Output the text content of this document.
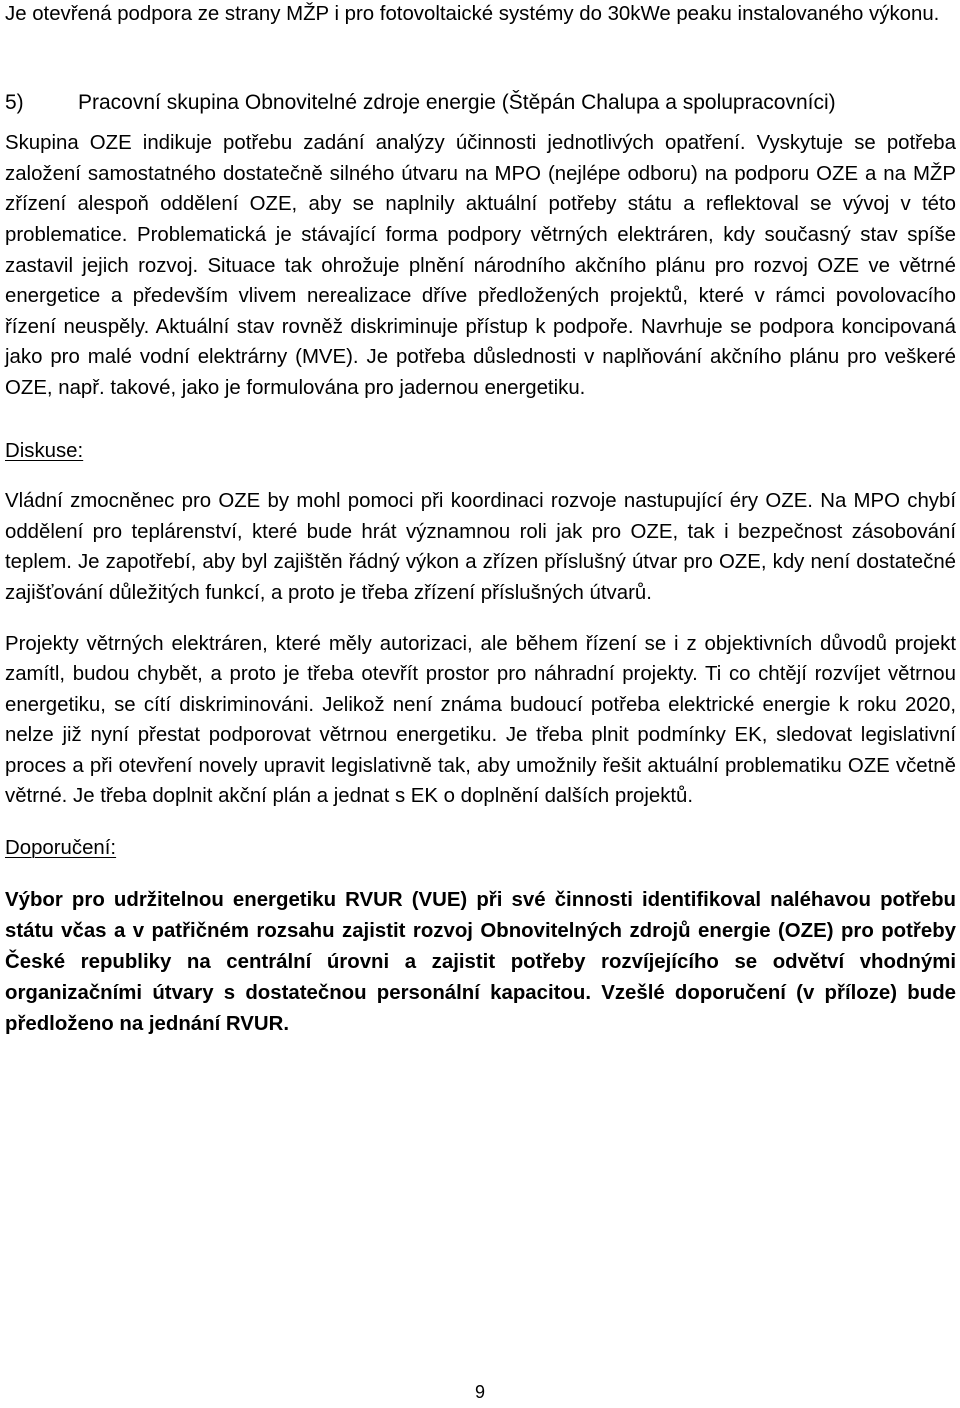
Je otevřená podpora ze strany MŽP i pro fotovoltaické systémy do 30kWe peaku instalovaného výkonu.

5)	Pracovní skupina Obnovitelné zdroje energie (Štěpán Chalupa a spolupracovníci)

Skupina OZE indikuje potřebu zadání analýzy účinnosti jednotlivých opatření. Vyskytuje se potřeba založení samostatného dostatečně silného útvaru na MPO (nejlépe odboru) na podporu OZE a na MŽP zřízení alespoň oddělení OZE, aby se naplnily aktuální potřeby státu a reflektoval se vývoj v této problematice. Problematická je stávající forma podpory větrných elektráren, kdy současný stav spíše zastavil jejich rozvoj. Situace tak ohrožuje plnění národního akčního plánu pro rozvoj OZE ve větrné energetice a především vlivem nerealizace dříve předložených projektů, které v rámci povolovacího řízení neuspěly. Aktuální stav rovněž diskriminuje přístup k podpoře. Navrhuje se podpora koncipovaná jako pro malé vodní elektrárny (MVE). Je potřeba důslednosti v naplňování akčního plánu pro veškeré OZE, např. takové, jako je formulována pro jadernou energetiku.

Diskuse:

Vládní zmocněnec pro OZE by mohl pomoci při koordinaci rozvoje nastupující éry OZE. Na MPO chybí oddělení pro teplárenství, které bude hrát významnou roli jak pro OZE, tak i bezpečnost zásobování teplem. Je zapotřebí, aby byl zajištěn řádný výkon a zřízen příslušný útvar pro OZE, kdy není dostatečné zajišťování důležitých funkcí, a proto je třeba zřízení příslušných útvarů.

Projekty větrných elektráren, které měly autorizaci, ale během řízení se i z objektivních důvodů projekt zamítl, budou chybět, a proto je třeba otevřít prostor pro náhradní projekty. Ti co chtějí rozvíjet větrnou energetiku, se cítí diskriminováni. Jelikož není známa budoucí potřeba elektrické energie k roku 2020, nelze již nyní přestat podporovat větrnou energetiku. Je třeba plnit podmínky EK, sledovat legislativní proces a při otevření novely upravit legislativně tak, aby umožnily řešit aktuální problematiku OZE včetně větrné. Je třeba doplnit akční plán a jednat s EK o doplnění dalších projektů.

Doporučení:

Výbor pro udržitelnou energetiku RVUR (VUE) při své činnosti identifikoval naléhavou potřebu státu včas a v patřičném rozsahu zajistit rozvoj Obnovitelných zdrojů energie (OZE) pro potřeby České republiky na centrální úrovni a zajistit potřeby rozvíjejícího se odvětví vhodnými organizačními útvary s dostatečnou personální kapacitou. Vzešlé doporučení (v příloze) bude předloženo na jednání RVUR.

9
